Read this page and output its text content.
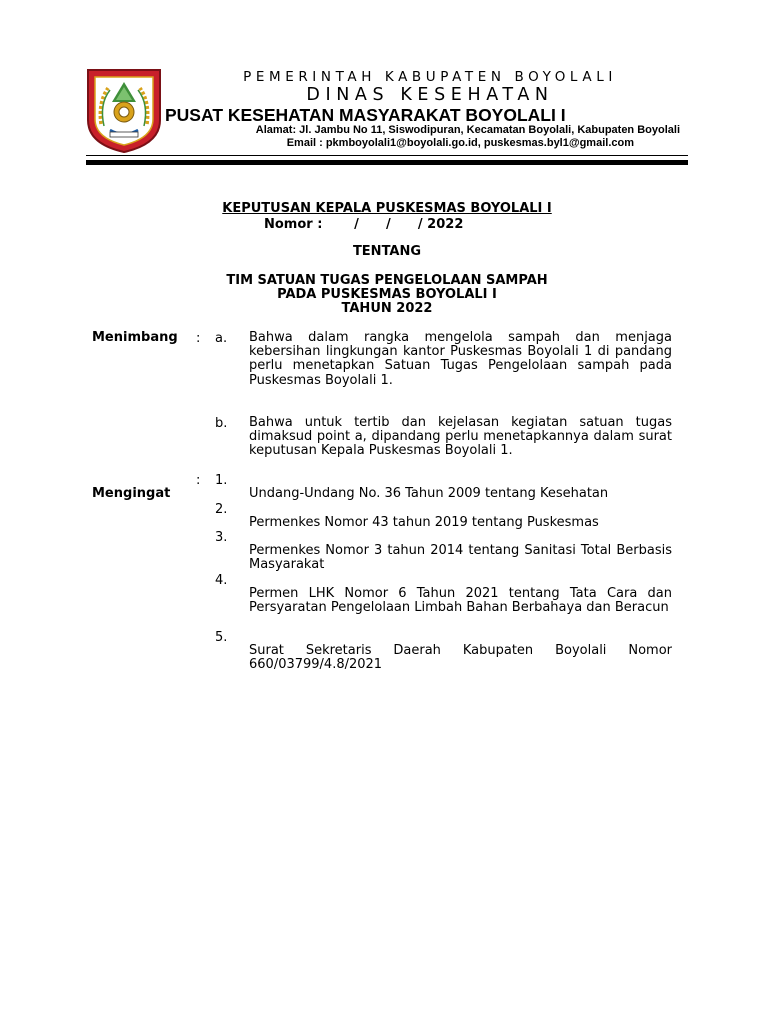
PEMERINTAH KABUPATEN BOYOLALI
DINAS KESEHATAN
PUSAT KESEHATAN MASYARAKAT BOYOLALI I
Alamat: Jl. Jambu No 11, Siswodipuran, Kecamatan Boyolali, Kabupaten Boyolali
Email : pkmboyolali1@boyolali.go.id, puskesmas.byl1@gmail.com
KEPUTUSAN KEPALA PUSKESMAS BOYOLALI I
Nomor :       /      /      / 2022
TENTANG
TIM SATUAN TUGAS PENGELOLAAN SAMPAH
PADA PUSKESMAS BOYOLALI I
TAHUN 2022
Menimbang	: a. Bahwa dalam rangka mengelola sampah dan menjaga kebersihan lingkungan kantor Puskesmas Boyolali 1 di pandang perlu menetapkan Satuan Tugas Pengelolaan sampah pada Puskesmas Boyolali 1.
b. Bahwa untuk tertib dan kejelasan kegiatan satuan tugas dimaksud point a, dipandang perlu menetapkannya dalam surat keputusan Kepala Puskesmas Boyolali 1.
:
Mengingat
1.
Undang-Undang No. 36 Tahun 2009 tentang Kesehatan
2.
Permenkes Nomor 43 tahun 2019 tentang Puskesmas
3.
Permenkes Nomor 3 tahun 2014 tentang Sanitasi Total Berbasis Masyarakat
4.
Permen LHK Nomor 6 Tahun 2021 tentang Tata Cara dan Persyaratan Pengelolaan Limbah Bahan Berbahaya dan Beracun
5.
Surat Sekretaris Daerah Kabupaten Boyolali Nomor 660/03799/4.8/2021
